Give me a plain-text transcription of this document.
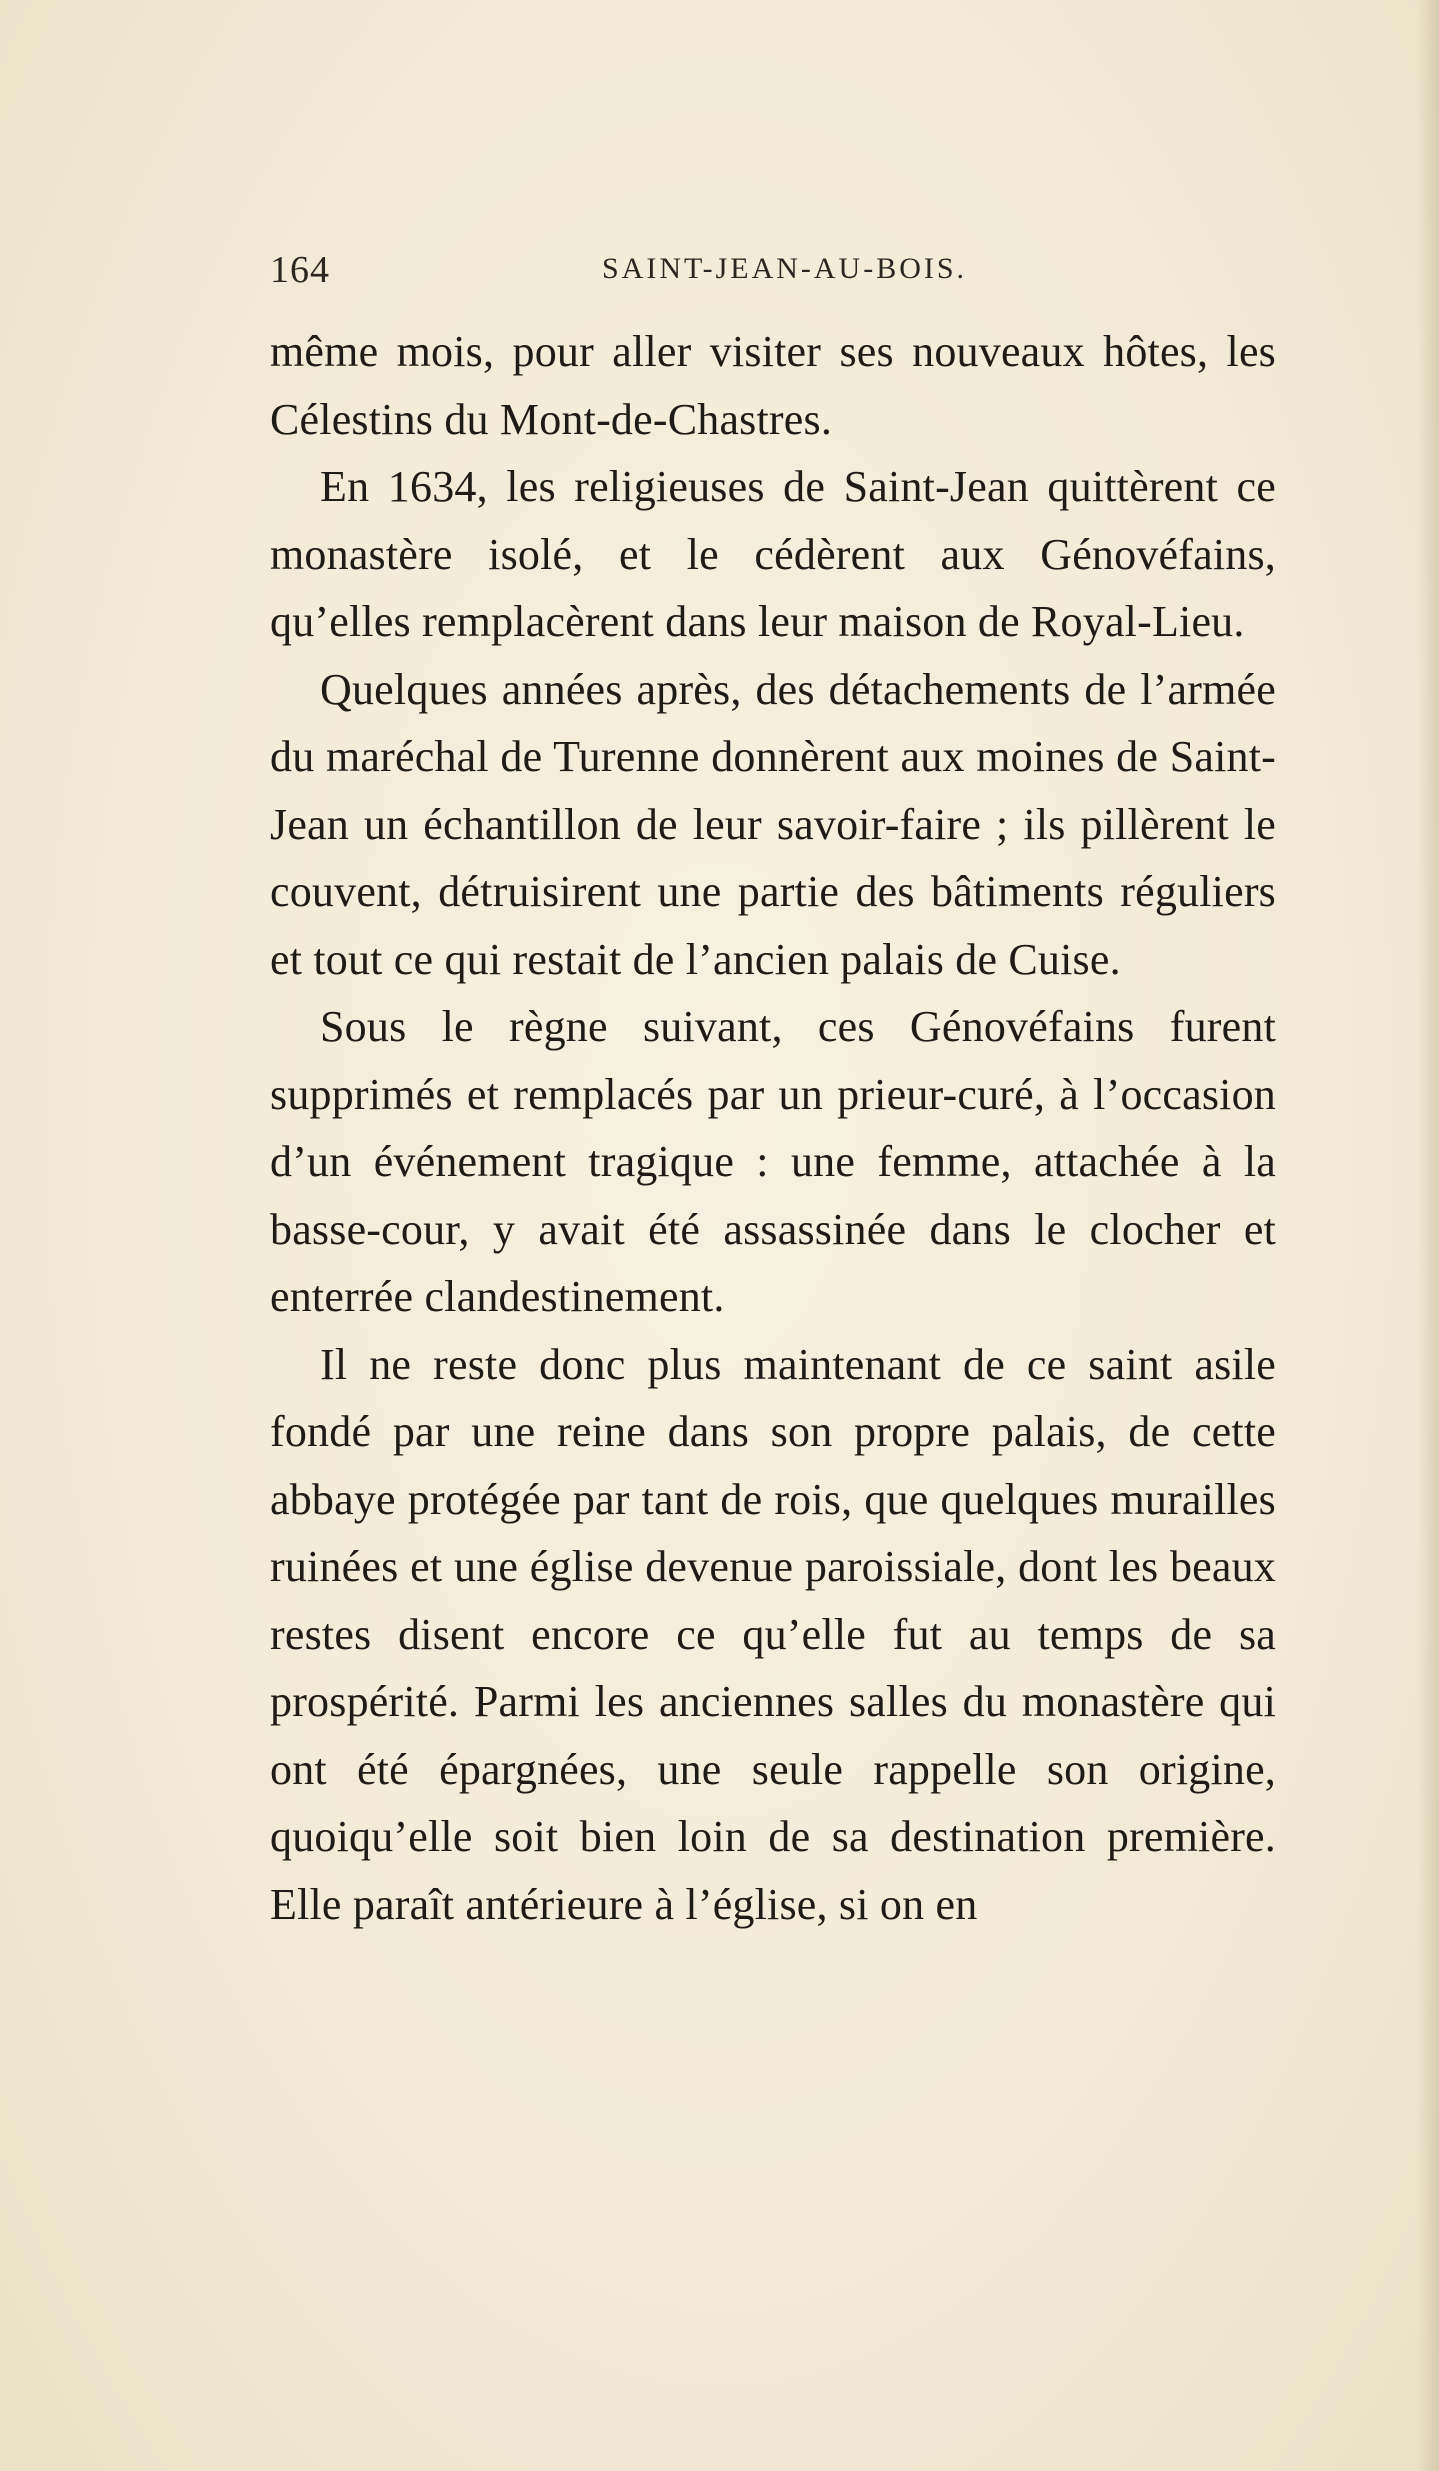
164	SAINT-JEAN-AU-BOIS.

même mois, pour aller visiter ses nouveaux hôtes, les Célestins du Mont-de-Chastres.

En 1634, les religieuses de Saint-Jean quittèrent ce monastère isolé, et le cédèrent aux Génovéfains, qu’elles remplacèrent dans leur maison de Royal-Lieu.

Quelques années après, des détachements de l’armée du maréchal de Turenne donnèrent aux moines de Saint-Jean un échantillon de leur savoir-faire ; ils pillèrent le couvent, détruisirent une partie des bâtiments réguliers et tout ce qui restait de l’ancien palais de Cuise.

Sous le règne suivant, ces Génovéfains furent supprimés et remplacés par un prieur-curé, à l’occasion d’un événement tragique : une femme, attachée à la basse-cour, y avait été assassinée dans le clocher et enterrée clandestinement.

Il ne reste donc plus maintenant de ce saint asile fondé par une reine dans son propre palais, de cette abbaye protégée par tant de rois, que quelques murailles ruinées et une église devenue paroissiale, dont les beaux restes disent encore ce qu’elle fut au temps de sa prospérité. Parmi les anciennes salles du monastère qui ont été épargnées, une seule rappelle son origine, quoiqu’elle soit bien loin de sa destination première. Elle paraît antérieure à l’église, si on en
